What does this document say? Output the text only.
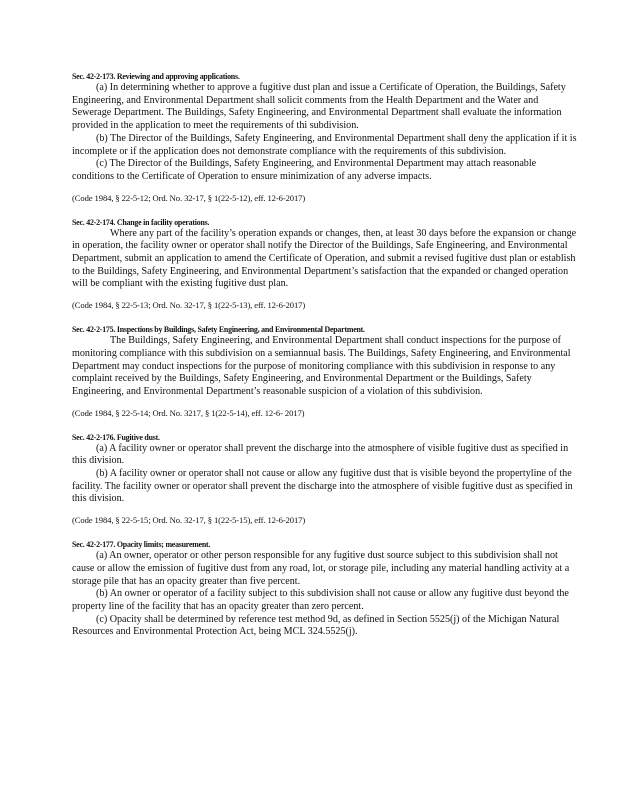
Sec. 42-2-173. Reviewing and approving applications.

(a) In determining whether to approve a fugitive dust plan and issue a Certificate of Operation, the Buildings, Safety Engineering, and Environmental Department shall solicit comments from the Health Department and the Water and Sewerage Department. The Buildings, Safety Engineering, and Environmental Department shall evaluate the information provided in the application to meet the requirements of thi subdivision.

(b) The Director of the Buildings, Safety Engineering, and Environmental Department shall deny the application if it is incomplete or if the application does not demonstrate compliance with the requirements of this subdivision.

(c) The Director of the Buildings, Safety Engineering, and Environmental Department may attach reasonable conditions to the Certificate of Operation to ensure minimization of any adverse impacts.

(Code 1984, § 22-5-12; Ord. No. 32-17, § 1(22-5-12), eff. 12-6-2017)

Sec. 42-2-174. Change in facility operations.

Where any part of the facility’s operation expands or changes, then, at least 30 days before the expansion or change in operation, the facility owner or operator shall notify the Director of the Buildings, Safe Engineering, and Environmental Department, submit an application to amend the Certificate of Operation, and submit a revised fugitive dust plan or establish to the Buildings, Safety Engineering, and Environmental Department’s satisfaction that the expanded or changed operation will be compliant with the existing fugitive dust plan.

(Code 1984, § 22-5-13; Ord. No. 32-17, § 1(22-5-13), eff. 12-6-2017)

Sec. 42-2-175. Inspections by Buildings, Safety Engineering, and Environmental Department.

The Buildings, Safety Engineering, and Environmental Department shall conduct inspections for the purpose of monitoring compliance with this subdivision on a semiannual basis. The Buildings, Safety Engineering, and Environmental Department may conduct inspections for the purpose of monitoring compliance with this subdivision in response to any complaint received by the Buildings, Safety Engineering, and Environmental Department or the Buildings, Safety Engineering, and Environmental Department’s reasonable suspicion of a violation of this subdivision.

(Code 1984, § 22-5-14; Ord. No. 3217, § 1(22-5-14), eff. 12-6- 2017)

Sec. 42-2-176. Fugitive dust.

(a) A facility owner or operator shall prevent the discharge into the atmosphere of visible fugitive dust as specified in this division.

(b) A facility owner or operator shall not cause or allow any fugitive dust that is visible beyond the propertyline of the facility. The facility owner or operator shall prevent the discharge into the atmosphere of visible fugitive dust as specified in this division.

(Code 1984, § 22-5-15; Ord. No. 32-17, § 1(22-5-15), eff. 12-6-2017)

Sec. 42-2-177. Opacity limits; measurement.

(a) An owner, operator or other person responsible for any fugitive dust source subject to this subdivision shall not cause or allow the emission of fugitive dust from any road, lot, or storage pile, including any material handling activity at a storage pile that has an opacity greater than five percent.

(b) An owner or operator of a facility subject to this subdivision shall not cause or allow any fugitive dust beyond the property line of the facility that has an opacity greater than zero percent.

(c) Opacity shall be determined by reference test method 9d, as defined in Section 5525(j) of the Michigan Natural Resources and Environmental Protection Act, being MCL 324.5525(j).
